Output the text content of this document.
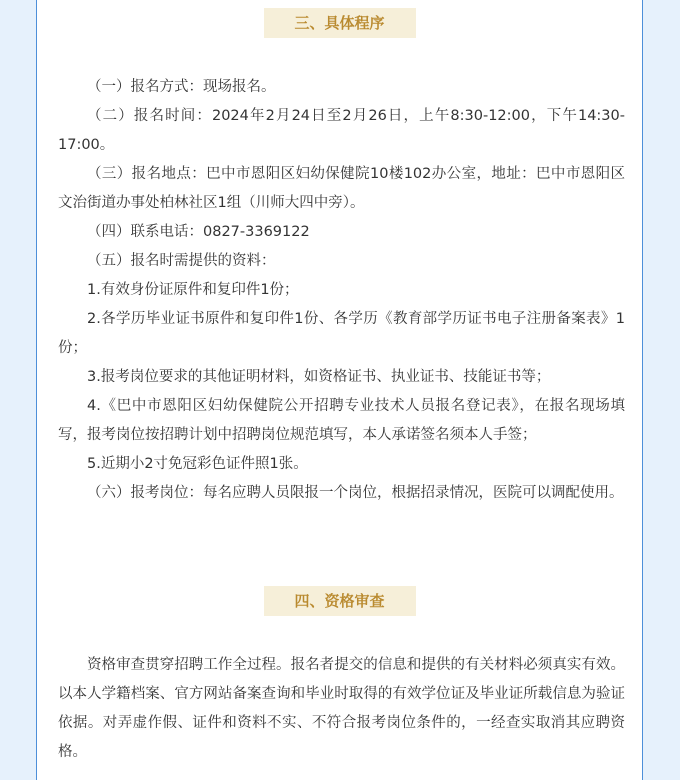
三、具体程序

（一）报名方式：现场报名。

（二）报名时间：2024年2月24日至2月26日，上午8:30-12:00，下午14:30-17:00。

（三）报名地点：巴中市恩阳区妇幼保健院10楼102办公室，地址：巴中市恩阳区文治街道办事处柏林社区1组（川师大四中旁）。

（四）联系电话：0827-3369122

（五）报名时需提供的资料：

1.有效身份证原件和复印件1份；

2.各学历毕业证书原件和复印件1份、各学历《教育部学历证书电子注册备案表》1份；

3.报考岗位要求的其他证明材料，如资格证书、执业证书、技能证书等；

4.《巴中市恩阳区妇幼保健院公开招聘专业技术人员报名登记表》，在报名现场填写，报考岗位按招聘计划中招聘岗位规范填写，本人承诺签名须本人手签；

5.近期小2寸免冠彩色证件照1张。

（六）报考岗位：每名应聘人员限报一个岗位，根据招录情况，医院可以调配使用。

四、资格审查

资格审查贯穿招聘工作全过程。报名者提交的信息和提供的有关材料必须真实有效。以本人学籍档案、官方网站备案查询和毕业时取得的有效学位证及毕业证所载信息为验证依据。对弄虚作假、证件和资料不实、不符合报考岗位条件的，一经查实取消其应聘资格。
